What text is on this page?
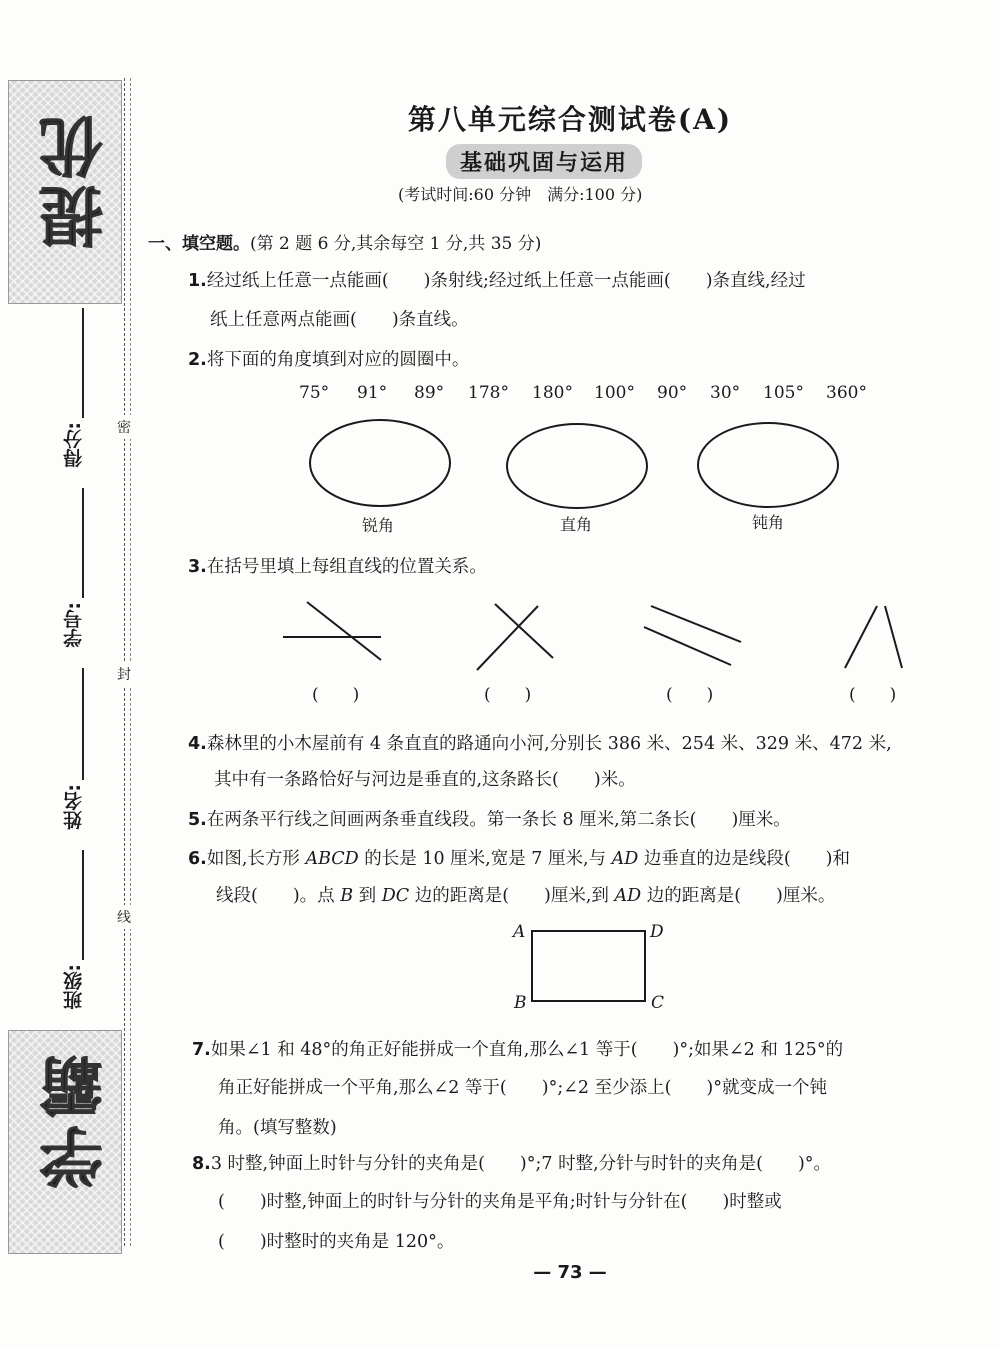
提优
学霸
得分:
学号:
姓名:
班级:
密
封
线
第八单元综合测试卷(A)
基础巩固与运用
(考试时间:60 分钟　满分:100 分)
一、填空题。(第 2 题 6 分,其余每空 1 分,共 35 分)
1.经过纸上任意一点能画(　　)条射线;经过纸上任意一点能画(　　)条直线,经过
纸上任意两点能画(　　)条直线。
2.将下面的角度填到对应的圆圈中。
75° 91° 89° 178° 180° 100° 90° 30° 105° 360°
锐角	直角	钝角
3.在括号里填上每组直线的位置关系。
(　　)	(　　)	(　　)	(　　)
4.森林里的小木屋前有 4 条直直的路通向小河,分别长 386 米、254 米、329 米、472 米,
其中有一条路恰好与河边是垂直的,这条路长(　　)米。
5.在两条平行线之间画两条垂直线段。第一条长 8 厘米,第二条长(　　)厘米。
6.如图,长方形 ABCD 的长是 10 厘米,宽是 7 厘米,与 AD 边垂直的边是线段(　　)和
线段(　　)。点 B 到 DC 边的距离是(　　)厘米,到 AD 边的距离是(　　)厘米。
A	D
B	C
7.如果∠1 和 48°的角正好能拼成一个直角,那么∠1 等于(　　)°;如果∠2 和 125°的
角正好能拼成一个平角,那么∠2 等于(　　)°;∠2 至少添上(　　)°就变成一个钝
角。(填写整数)
8.3 时整,钟面上时针与分针的夹角是(　　)°;7 时整,分针与时针的夹角是(　　)°。
(　　)时整,钟面上的时针与分针的夹角是平角;时针与分针在(　　)时整或
(　　)时整时的夹角是 120°。
— 73 —
